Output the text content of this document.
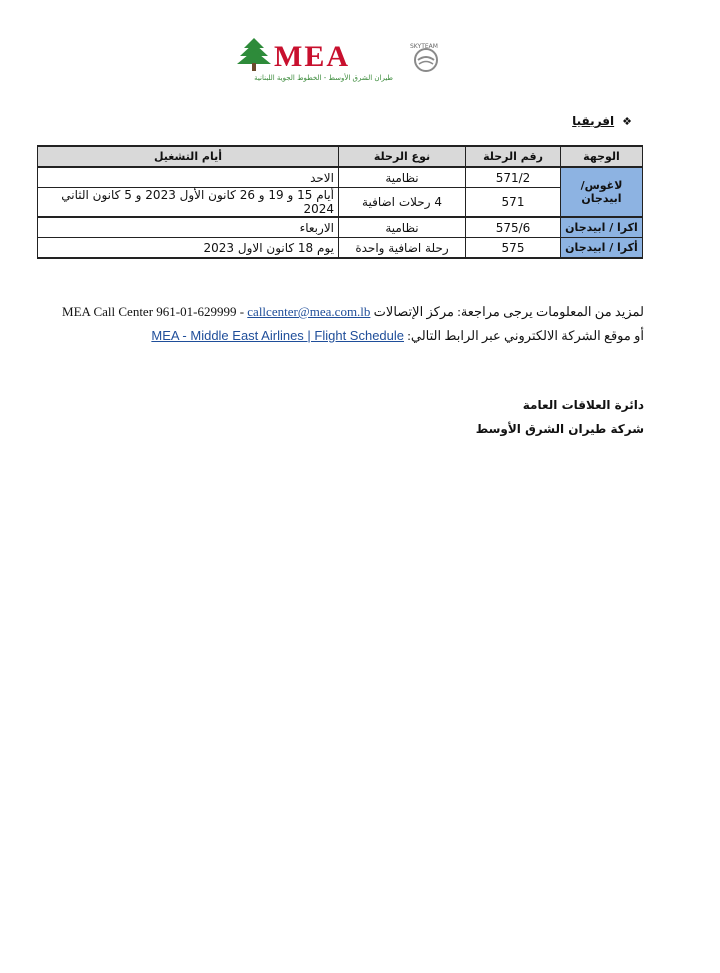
MEA
طيران الشرق الأوسط - الخطوط الجوية اللبنانية
SKYTEAM
❖افريقيا
الوجهة	رقم الرحلة	نوع الرحلة	أيام التشغيل
لاغوس/ ابيدجان	571/2	نظامية	الاحد
	571	4 رحلات اضافية	أيام 15 و 19 و 26 كانون الأول 2023 و 5 كانون الثاني 2024
اكرا / ابيدجان	575/6	نظامية	الاربعاء
أكرا / ابيدجان	575	رحلة اضافية واحدة	يوم 18 كانون الاول 2023
لمزيد من المعلومات يرجى مراجعة: مركز الإتصالات MEA Call Center 961-01-629999 - callcenter@mea.com.lb
أو موقع الشركة الالكتروني عبر الرابط التالي: MEA - Middle East Airlines | Flight Schedule
دائرة العلاقات العامة
شركة طيران الشرق الأوسط
